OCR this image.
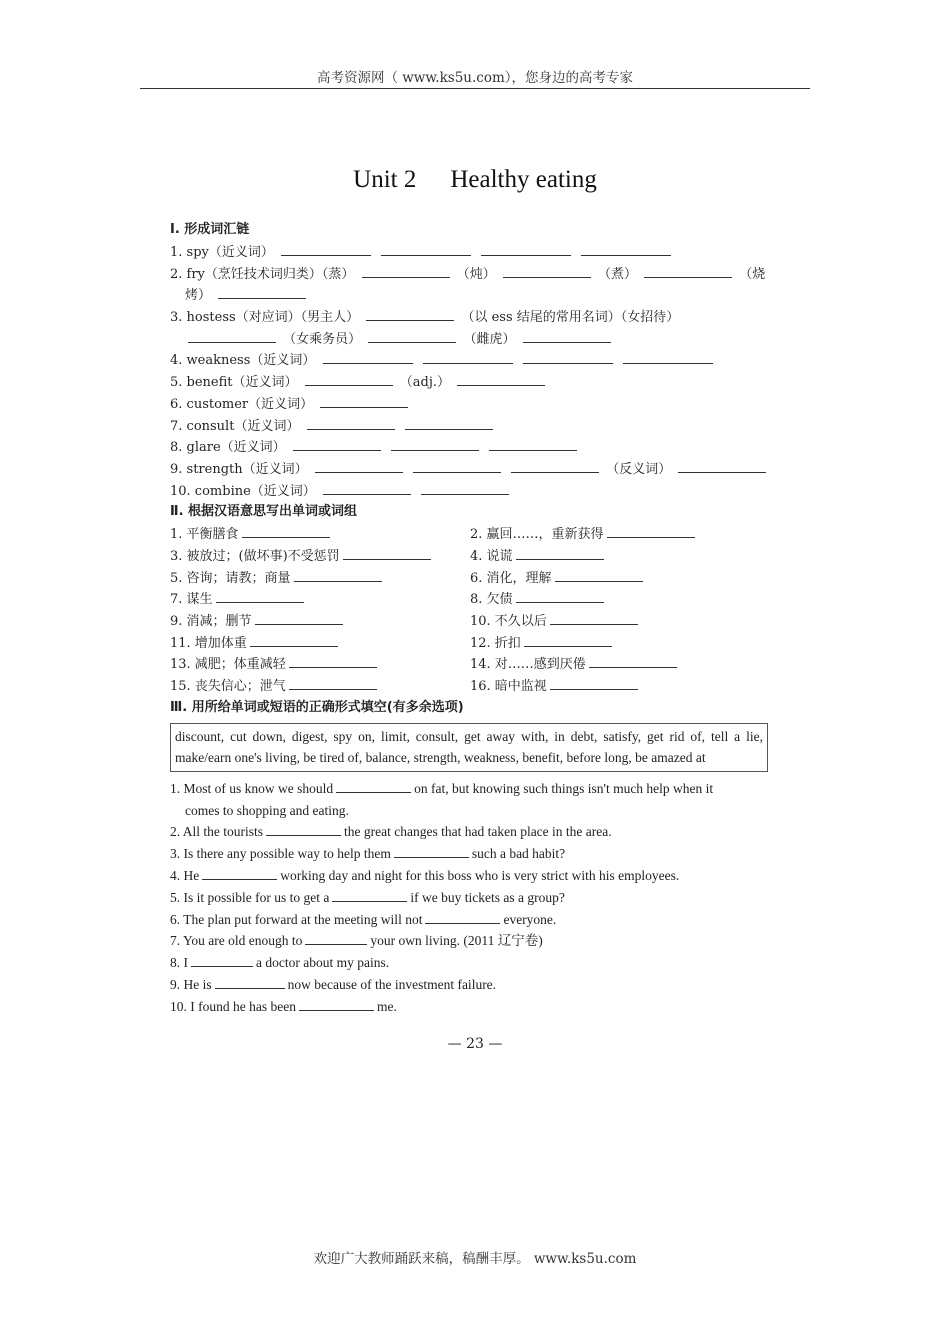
高考资源网（ www.ks5u.com），您身边的高考专家
Unit 2 Healthy eating
Ⅰ. 形成词汇链
1. spy（近义词）
2. fry（烹饪技术词归类）（蒸）	（炖）	（煮）	（烧
烤）
3. hostess（对应词）（男主人）	（以 ess 结尾的常用名词）（女招待）
（女乘务员）	（雌虎）
4. weakness（近义词）
5. benefit（近义词）	（adj.）
6. customer（近义词）
7. consult（近义词）
8. glare（近义词）
9. strength（近义词）	（反义词）
10. combine（近义词）
Ⅱ. 根据汉语意思写出单词或词组
1. 平衡膳食	2. 赢回……，重新获得
3. 被放过；(做坏事)不受惩罚	4. 说谎
5. 咨询；请教；商量	6. 消化，理解
7. 谋生	8. 欠债
9. 消减；删节	10. 不久以后
11. 增加体重	12. 折扣
13. 减肥；体重减轻	14. 对……感到厌倦
15. 丧失信心；泄气	16. 暗中监视
Ⅲ. 用所给单词或短语的正确形式填空(有多余选项)
discount, cut down, digest, spy on, limit, consult, get away with, in debt, satisfy, get rid of, tell a lie, make/earn one's living, be tired of, balance, strength, weakness, benefit, before long, be amazed at
1. Most of us know we should	on fat, but knowing such things isn't much help when it
comes to shopping and eating.
2. All the tourists	the great changes that had taken place in the area.
3. Is there any possible way to help them	such a bad habit?
4. He	working day and night for this boss who is very strict with his employees.
5. Is it possible for us to get a	if we buy tickets as a group?
6. The plan put forward at the meeting will not	everyone.
7. You are old enough to	your own living. (2011 辽宁卷)
8. I	a doctor about my pains.
9. He is	now because of the investment failure.
10. I found he has been	me.
— 23 —
欢迎广大教师踊跃来稿，稿酬丰厚。 www.ks5u.com
